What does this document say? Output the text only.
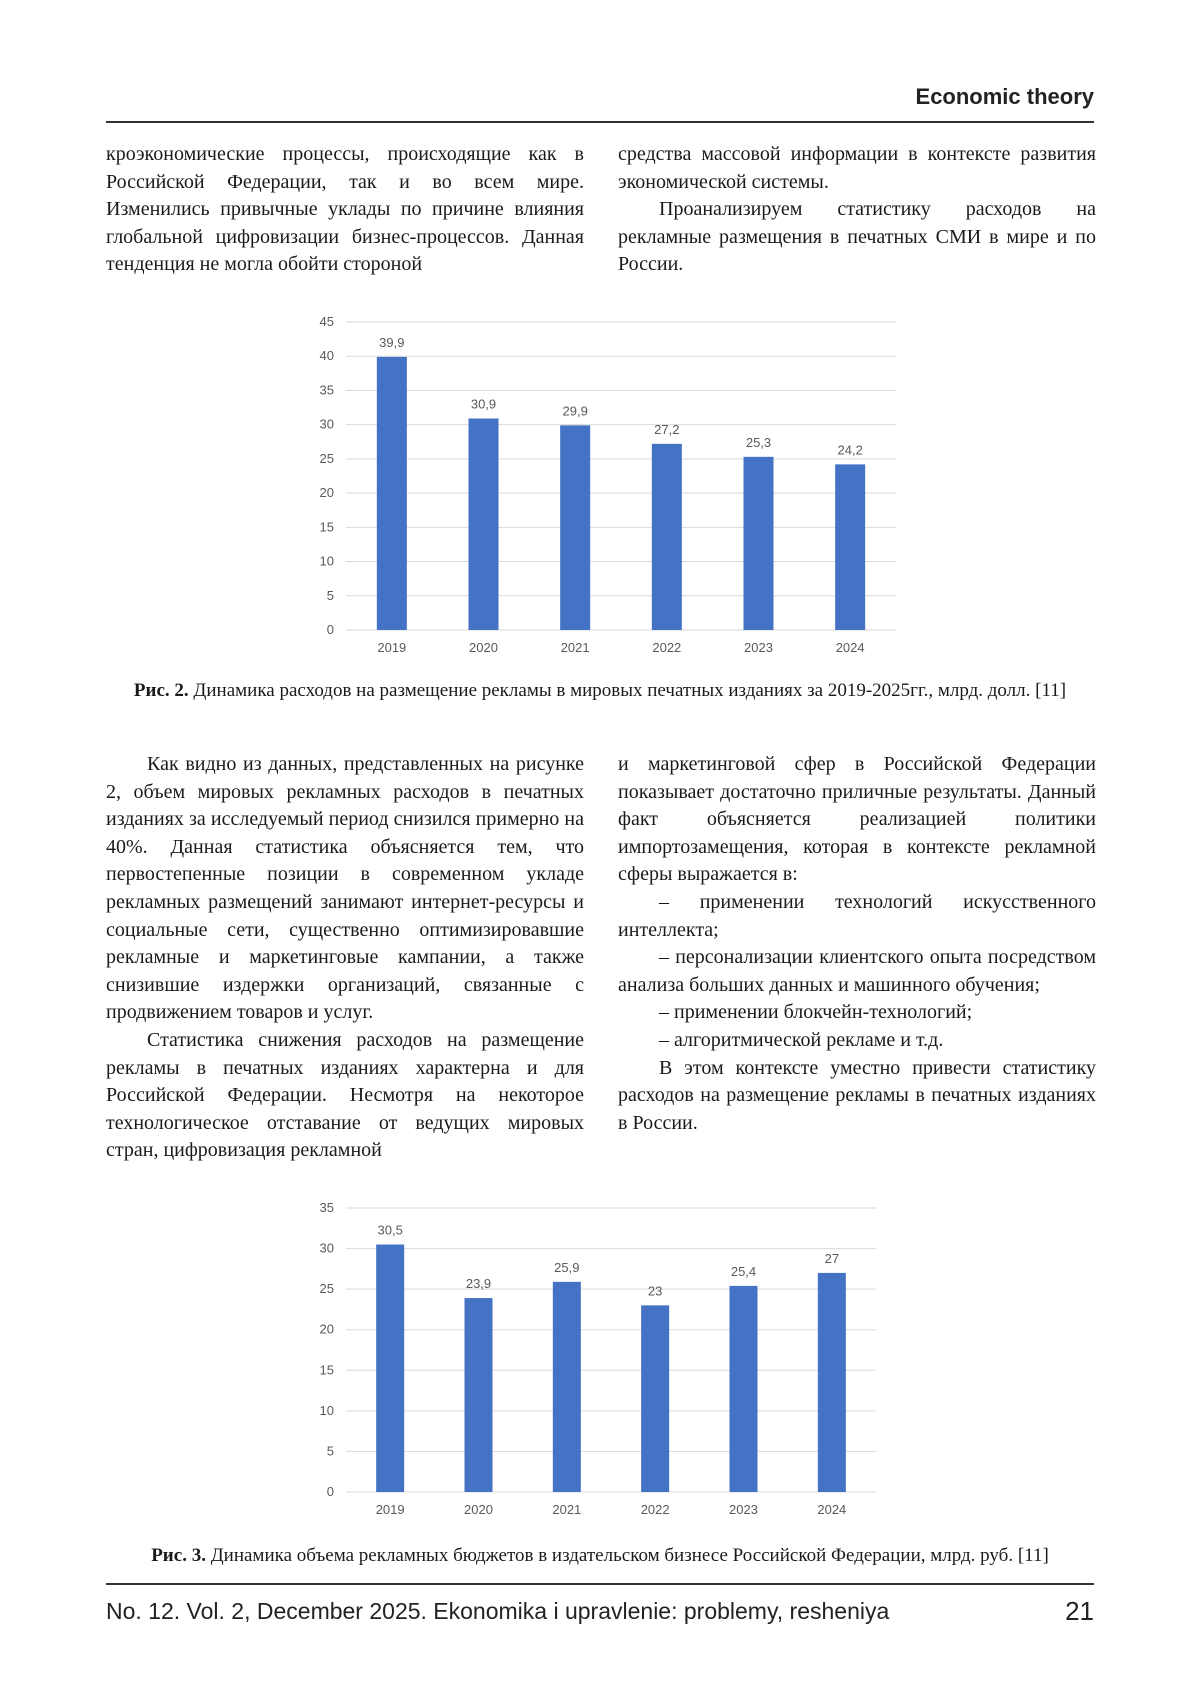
Economic theory

кроэкономические процессы, происходящие как в Российской Федерации, так и во всем мире. Изменились привычные уклады по причине влияния глобальной цифровизации бизнес-процессов. Данная тенденция не могла обойти стороной

средства массовой информации в контексте развития экономической системы.

Проанализируем статистику расходов на рекламные размещения в печатных СМИ в мире и по России.

0
5
10
15
20
25
30
35
40
45
39,9
2019
30,9
2020
29,9
2021
27,2
2022
25,3
2023
24,2
2024
Рис. 2. Динамика расходов на размещение рекламы в мировых печатных изданиях за 2019-2025гг., млрд. долл. [11]

Как видно из данных, представленных на рисунке 2, объем мировых рекламных расходов в печатных изданиях за исследуемый период снизился примерно на 40%. Данная статистика объясняется тем, что первостепенные позиции в современном укладе рекламных размещений занимают интернет-ресурсы и социальные сети, существенно оптимизировавшие рекламные и маркетинговые кампании, а также снизившие издержки организаций, связанные с продвижением товаров и услуг.

Статистика снижения расходов на размещение рекламы в печатных изданиях характерна и для Российской Федерации. Несмотря на некоторое технологическое отставание от ведущих мировых стран, цифровизация рекламной

и маркетинговой сфер в Российской Федерации показывает достаточно приличные результаты. Данный факт объясняется реализацией политики импортозамещения, которая в контексте рекламной сферы выражается в:

– применении технологий искусственного интеллекта;

– персонализации клиентского опыта посредством анализа больших данных и машинного обучения;

– применении блокчейн-технологий;

– алгоритмической рекламе и т.д.

В этом контексте уместно привести статистику расходов на размещение рекламы в печатных изданиях в России.

0
5
10
15
20
25
30
35
30,5
2019
23,9
2020
25,9
2021
23
2022
25,4
2023
27
2024
Рис. 3. Динамика объема рекламных бюджетов в издательском бизнесе Российской Федерации, млрд. руб. [11]
No. 12. Vol. 2, December 2025. Ekonomika i upravlenie: problemy, resheniya	21
